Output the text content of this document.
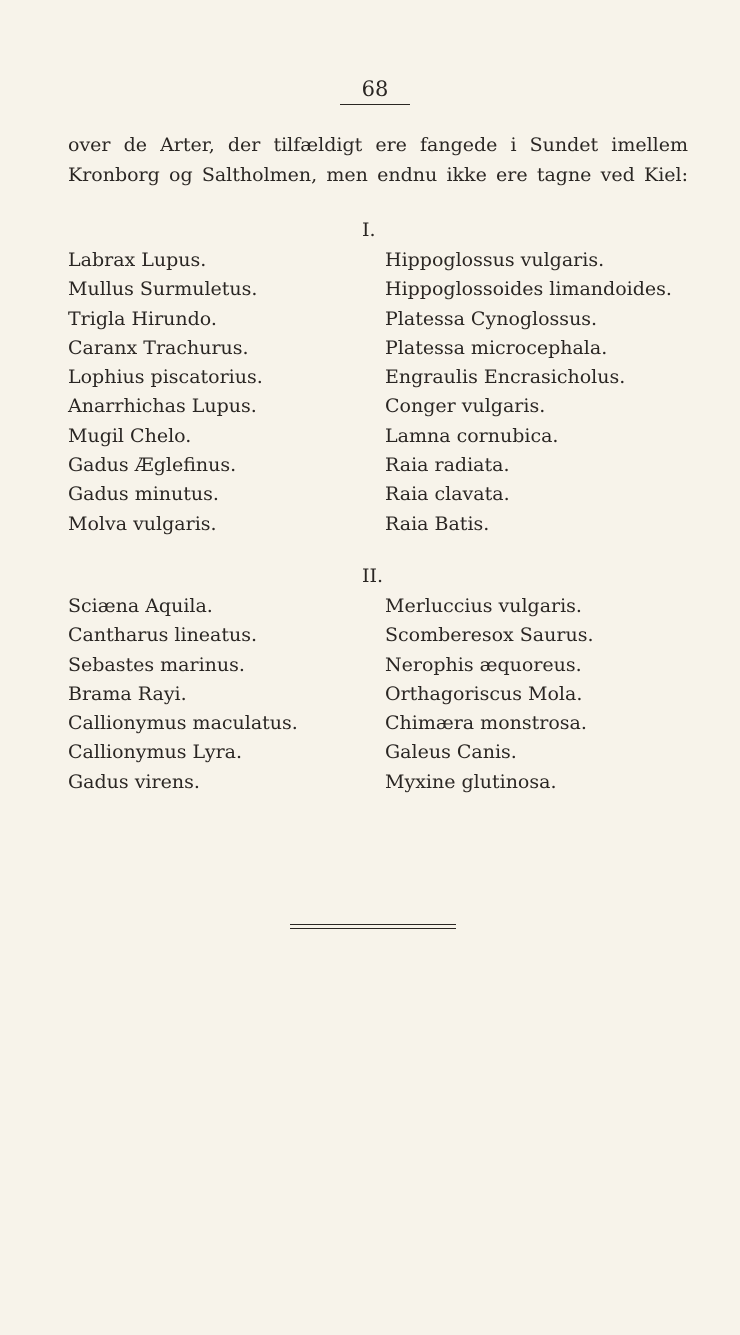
68
over de Arter, der tilfældigt ere fangede i Sundet imellem
Kronborg og Saltholmen, men endnu ikke ere tagne ved Kiel:
I.
Labrax Lupus.
Mullus Surmuletus.
Trigla Hirundo.
Caranx Trachurus.
Lophius piscatorius.
Anarrhichas Lupus.
Mugil Chelo.
Gadus Æglefinus.
Gadus minutus.
Molva vulgaris.
Hippoglossus vulgaris.
Hippoglossoides limandoides.
Platessa Cynoglossus.
Platessa microcephala.
Engraulis Encrasicholus.
Conger vulgaris.
Lamna cornubica.
Raia radiata.
Raia clavata.
Raia Batis.
II.
Sciæna Aquila.
Cantharus lineatus.
Sebastes marinus.
Brama Rayi.
Callionymus maculatus.
Callionymus Lyra.
Gadus virens.
Merluccius vulgaris.
Scomberesox Saurus.
Nerophis æquoreus.
Orthagoriscus Mola.
Chimæra monstrosa.
Galeus Canis.
Myxine glutinosa.
